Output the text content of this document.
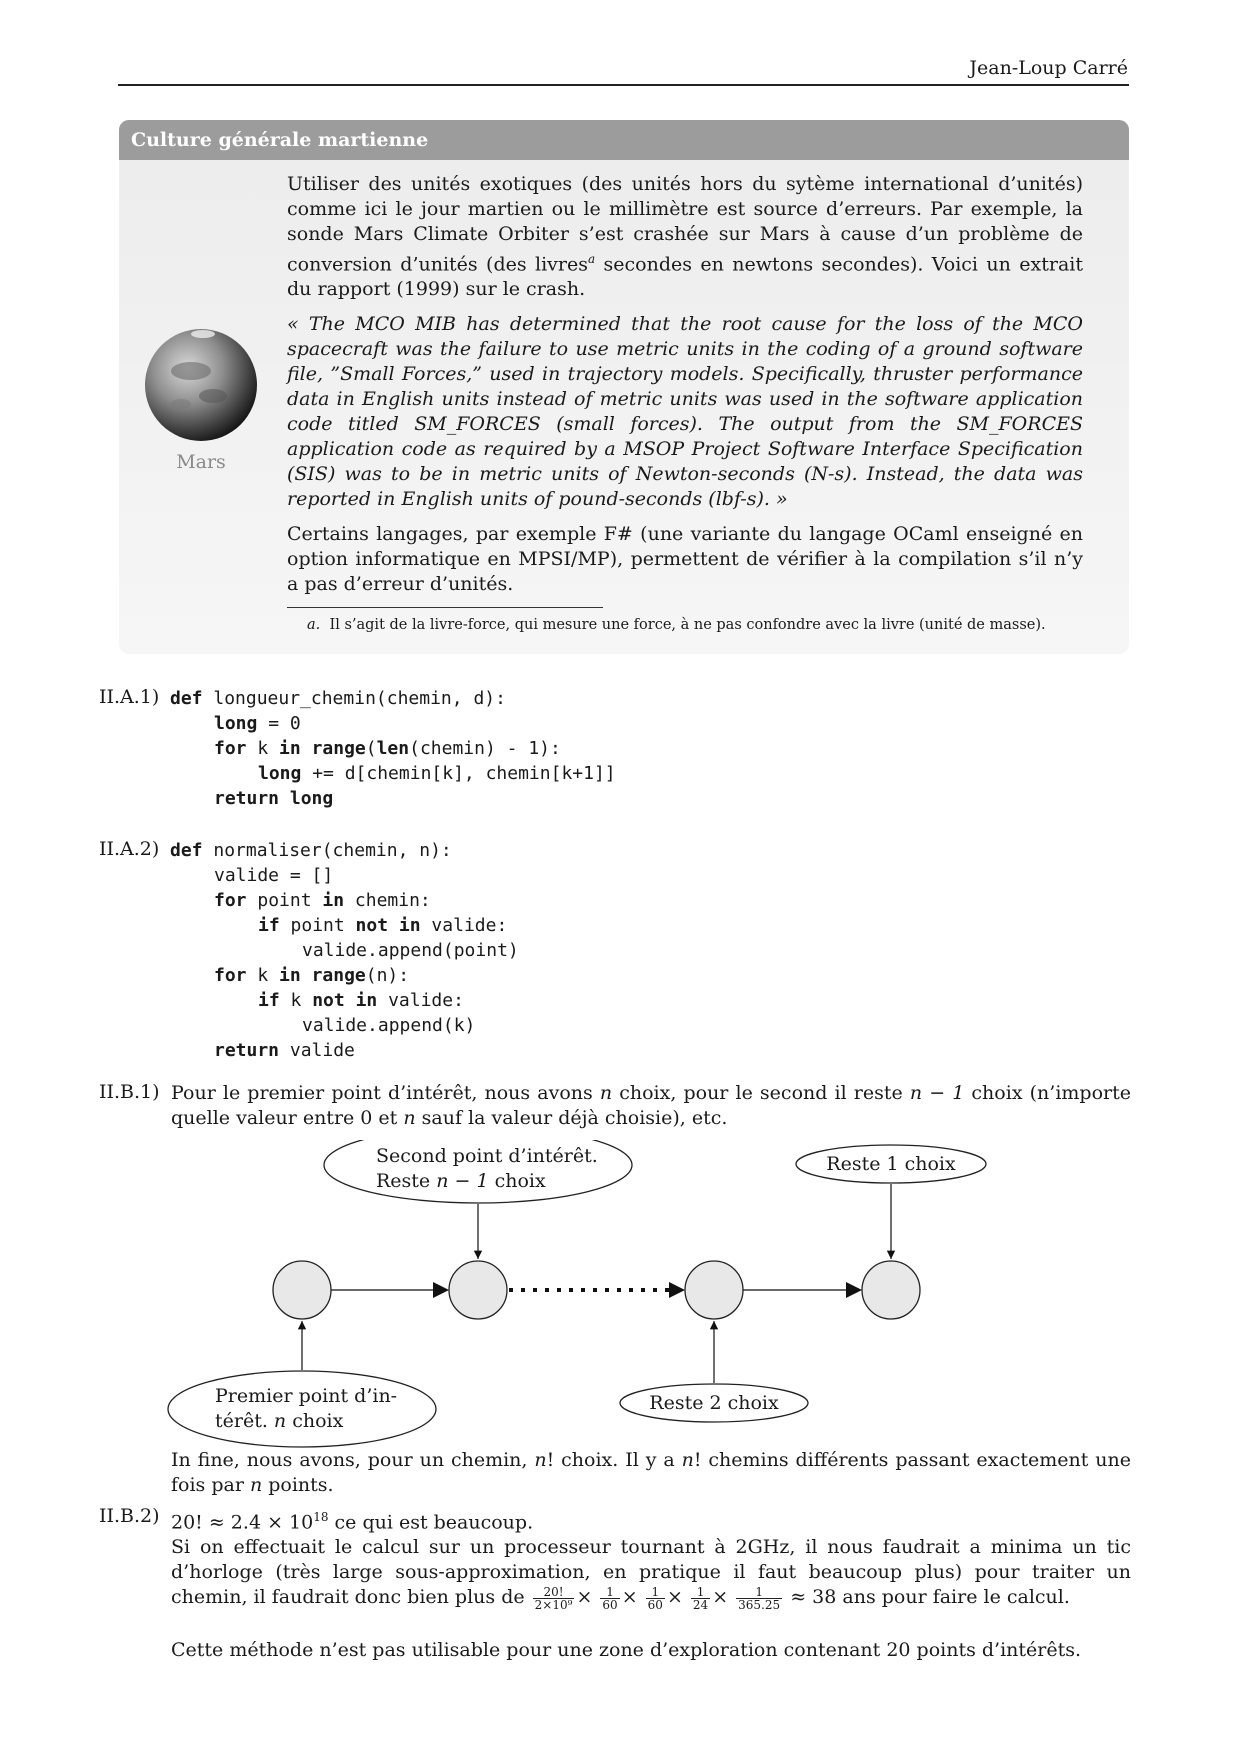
Jean-Loup Carré
Culture générale martienne
Mars

Utiliser des unités exotiques (des unités hors du sytème international d’unités) comme ici le jour martien ou le millimètre est source d’erreurs. Par exemple, la sonde Mars Climate Orbiter s’est crashée sur Mars à cause d’un problème de conversion d’unités (des livres$^a$ secondes en newtons secondes). Voici un extrait du rapport (1999) sur le crash.

« The MCO MIB has determined that the root cause for the loss of the MCO spacecraft was the failure to use metric units in the coding of a ground software file, ”Small Forces,” used in trajectory models. Specifically, thruster performance data in English units instead of metric units was used in the software application code titled SM_FORCES (small forces). The output from the SM_FORCES application code as required by a MSOP Project Software Interface Specification (SIS) was to be in metric units of Newton-seconds (N-s). Instead, the data was reported in English units of pound-seconds (lbf-s). »

Certains langages, par exemple F# (une variante du langage OCaml enseigné en option informatique en MPSI/MP), permettent de vérifier à la compilation s’il n’y a pas d’erreur d’unités.

a. Il s’agit de la livre-force, qui mesure une force, à ne pas confondre avec la livre (unité de masse).
II.A.1) def longueur_chemin(chemin, d):
long = 0
for k in range(len(chemin) - 1):
long += d[chemin[k], chemin[k+1]]
return long
II.A.2) def normaliser(chemin, n):
valide = []
for point in chemin:
if point not in valide:
valide.append(point)
for k in range(n):
if k not in valide:
valide.append(k)
return valide
II.B.1) Pour le premier point d’intérêt, nous avons n choix, pour le second il reste n − 1 choix (n’importe quelle valeur entre 0 et n sauf la valeur déjà choisie), etc.
Second point d’intérêt.
Reste n − 1 choix
Reste 1 choix
Premier point d’in-
térêt. n choix
Reste 2 choix
In fine, nous avons, pour un chemin, n! choix. Il y a n! chemins différents passant exactement une fois par n points.
II.B.2) 20! ≈ $2.4 \times 10^{18}$ ce qui est beaucoup.
Si on effectuait le calcul sur un processeur tournant à 2GHz, il nous faudrait a minima un tic d’horloge (très large sous-approximation, en pratique il faut beaucoup plus) pour traiter un chemin, il faudrait donc bien plus de $\frac{20!}{\text{2×10⁹}} \times \frac{1}{60} \times \frac{1}{60} \times \frac{1}{24} \times \frac{1}{365.25} \approx 38$ ans pour faire le calcul.
Cette méthode n’est pas utilisable pour une zone d’exploration contenant 20 points d’intérêts.
